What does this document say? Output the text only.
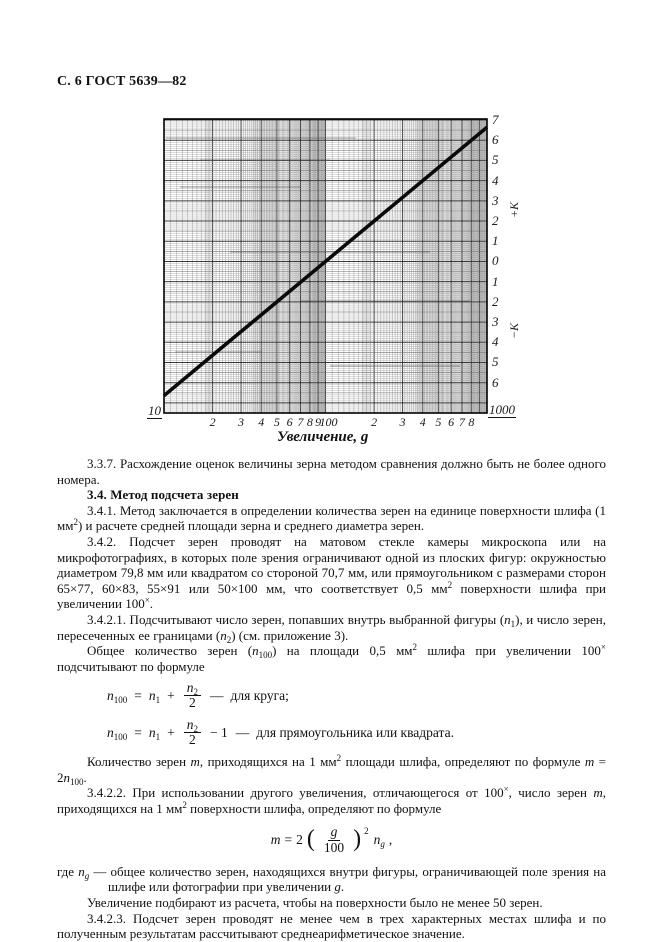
С. 6 ГОСТ 5639—82
7
6
5
4
3
2
1
0
1
2
3
4
5
6
+К
−К
2	3	4 5 6 7 8 9	2	3	4 5 6 7 8
100
10	1000
Увеличение, g

3.3.7. Расхождение оценок величины зерна методом сравнения должно быть не более одного номера.

3.4. Метод подсчета зерен

3.4.1. Метод заключается в определении количества зерен на единице поверхности шлифа (1 $мм^2$) и расчете средней площади зерна и среднего диаметра зерен.

3.4.2. Подсчет зерен проводят на матовом стекле камеры микроскопа или на микрофотографиях, в которых поле зрения ограничивают одной из плоских фигур: окружностью диаметром 79,8 мм или квадратом со стороной 70,7 мм, или прямоугольником с размерами сторон 65×77, 60×83, 55×91 или 50×100 мм, что соответствует 0,5 $мм^2$ поверхности шлифа при увеличении 100×.

3.4.2.1. Подсчитывают число зерен, попавших внутрь выбранной фигуры $(n_1)$, и число зерен, пересеченных ее границами $(n_2)$ (см. приложение 3).

Общее количество зерен $(n_{100})$ на площади 0,5 $мм^2$ шлифа при увеличении 100× подсчитывают по формуле

$n_{100} = n_1 + \frac{n_2}{2}$ — для круга;
$n_{100} = n_1 + \frac{n_2}{2} - 1$ — для прямоугольника или квадрата.

Количество зерен m, приходящихся на 1 $мм^2$ площади шлифа, определяют по формуле $m = 2n_{100}$.

3.4.2.2. При использовании другого увеличения, отличающегося от 100×, число зерен m, приходящихся на 1 $мм^2$ поверхности шлифа, определяют по формуле

m = 2 ( $\frac{g}{100}$ ) $^2$
$n_g$ ,

где $n_g$ — общее количество зерен, находящихся внутри фигуры, ограничивающей поле зрения на шлифе или фотографии при увеличении g.

Увеличение подбирают из расчета, чтобы на поверхности было не менее 50 зерен.

3.4.2.3. Подсчет зерен проводят не менее чем в трех характерных местах шлифа и по полученным результатам рассчитывают среднеарифметическое значение.
